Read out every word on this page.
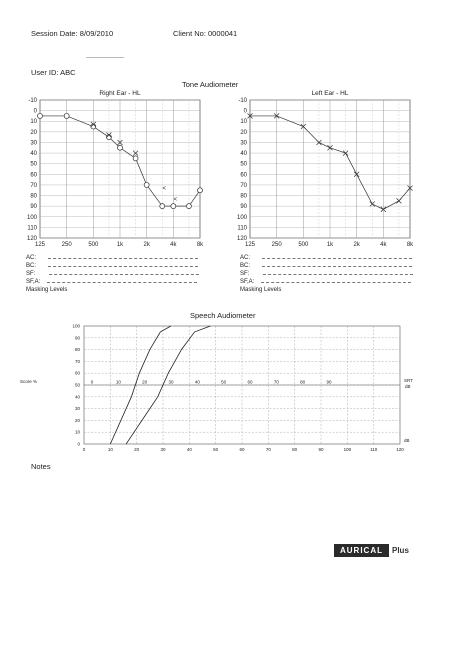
Session Date: 8/09/2010	Client No: 0000041
User ID: ABC
Tone Audiometer
Right Ear - HL
-10
0
10
20
30
40
50
60
70
80
90
100
110
120
125	250	500	1k	2k	4k	8k
<
<
Left Ear - HL
-10
0
10
20
30
40
50
60
70
80
90
100
110
120
125	250	500	1k	2k	4k	8k
AC:
BC:
SF:
SF,A:
Masking Levels
AC:
BC:
SF:
SF,A:
Masking Levels
Speech Audiometer
0
10
20
30
40
50
60
70
80
90
100
0	10	20	30	40	50	60	70	80	90	100	110	120
0	10	20	30	40	50	60	70	80	90
Score %	SRT
dB
dB
Notes
AURICAL	Plus
